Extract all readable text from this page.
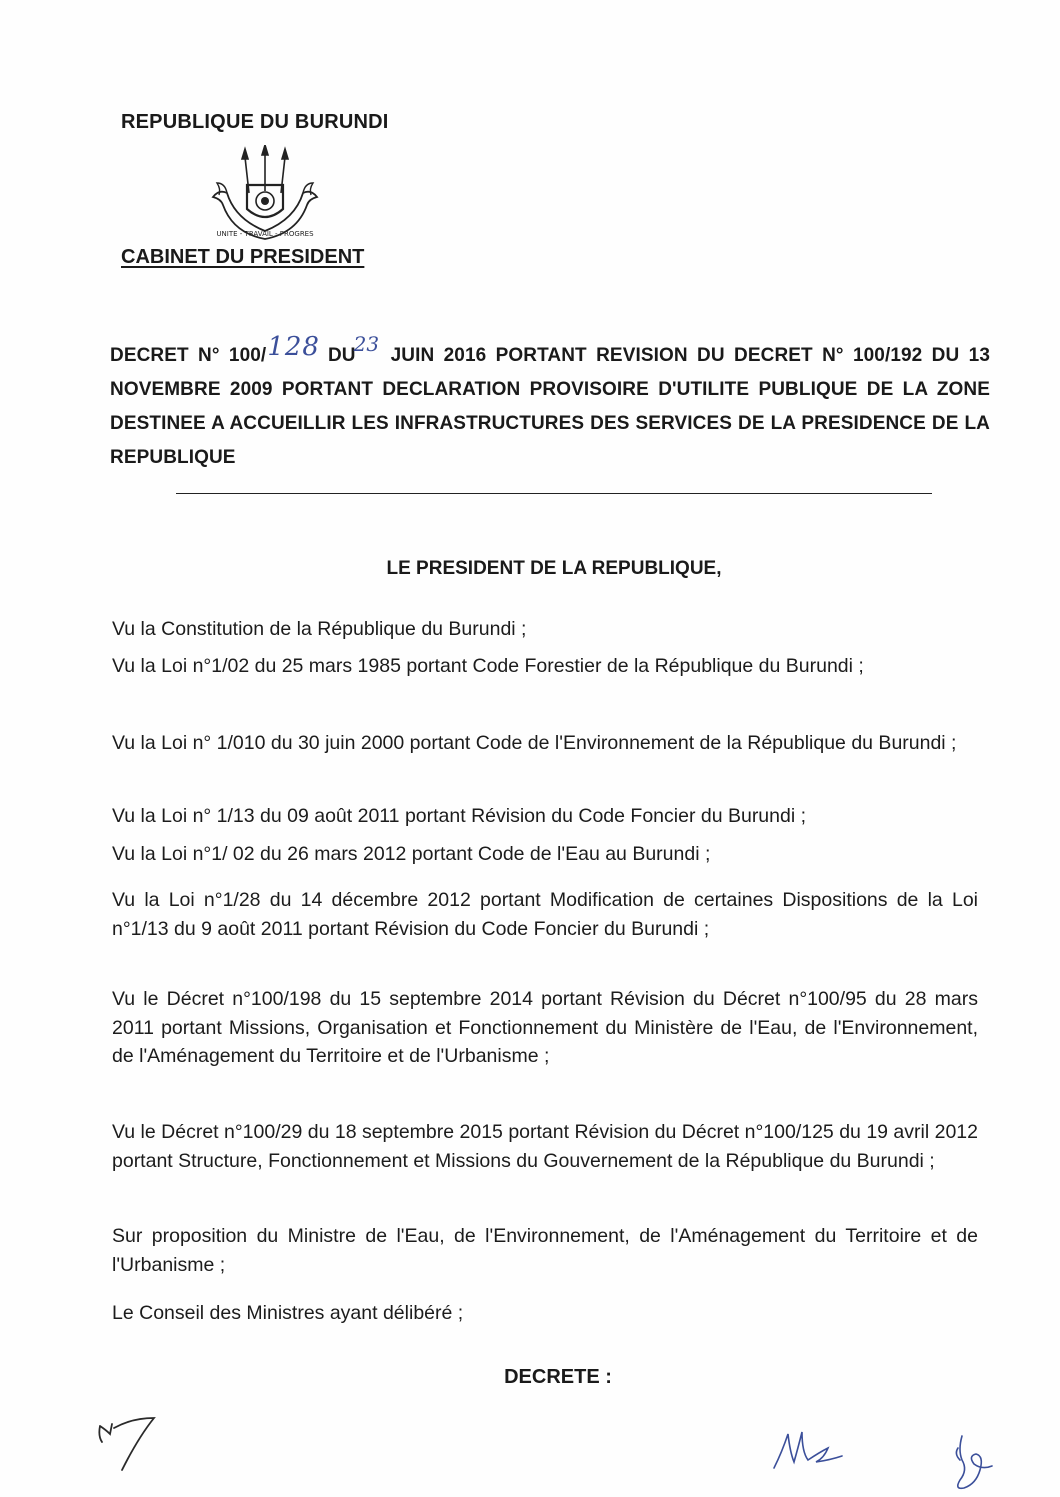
REPUBLIQUE DU BURUNDI
UNITE - TRAVAIL - PROGRES
CABINET DU PRESIDENT
DECRET N° 100/128 DU23 JUIN 2016 PORTANT REVISION DU DECRET N° 100/192 DU 13 NOVEMBRE 2009 PORTANT DECLARATION PROVISOIRE D'UTILITE PUBLIQUE DE LA ZONE DESTINEE A ACCUEILLIR LES INFRASTRUCTURES DES SERVICES DE LA PRESIDENCE DE LA REPUBLIQUE
LE PRESIDENT DE LA REPUBLIQUE,
Vu la Constitution de la République du Burundi ;
Vu la Loi n°1/02 du 25 mars 1985 portant Code Forestier de la République du Burundi ;
Vu la Loi n° 1/010 du 30 juin 2000 portant Code de l'Environnement de la République du Burundi ;
Vu la Loi n° 1/13 du 09 août 2011 portant Révision du Code Foncier du Burundi ;
Vu la Loi n°1/ 02 du 26 mars 2012 portant Code de l'Eau au Burundi ;
Vu la Loi n°1/28 du 14 décembre 2012 portant Modification de certaines Dispositions de la Loi n°1/13 du 9 août 2011 portant Révision du Code Foncier du Burundi ;
Vu le Décret n°100/198 du 15 septembre 2014 portant Révision du Décret n°100/95 du 28 mars 2011 portant Missions, Organisation et Fonctionnement du Ministère de l'Eau, de l'Environnement, de l'Aménagement du Territoire et de l'Urbanisme ;
Vu le Décret n°100/29 du 18 septembre 2015 portant Révision du Décret n°100/125 du 19 avril 2012 portant Structure, Fonctionnement et Missions du Gouvernement de la République du Burundi ;
Sur proposition du Ministre de l'Eau, de l'Environnement, de l'Aménagement du Territoire et de l'Urbanisme ;
Le Conseil des Ministres ayant délibéré ;
DECRETE :
